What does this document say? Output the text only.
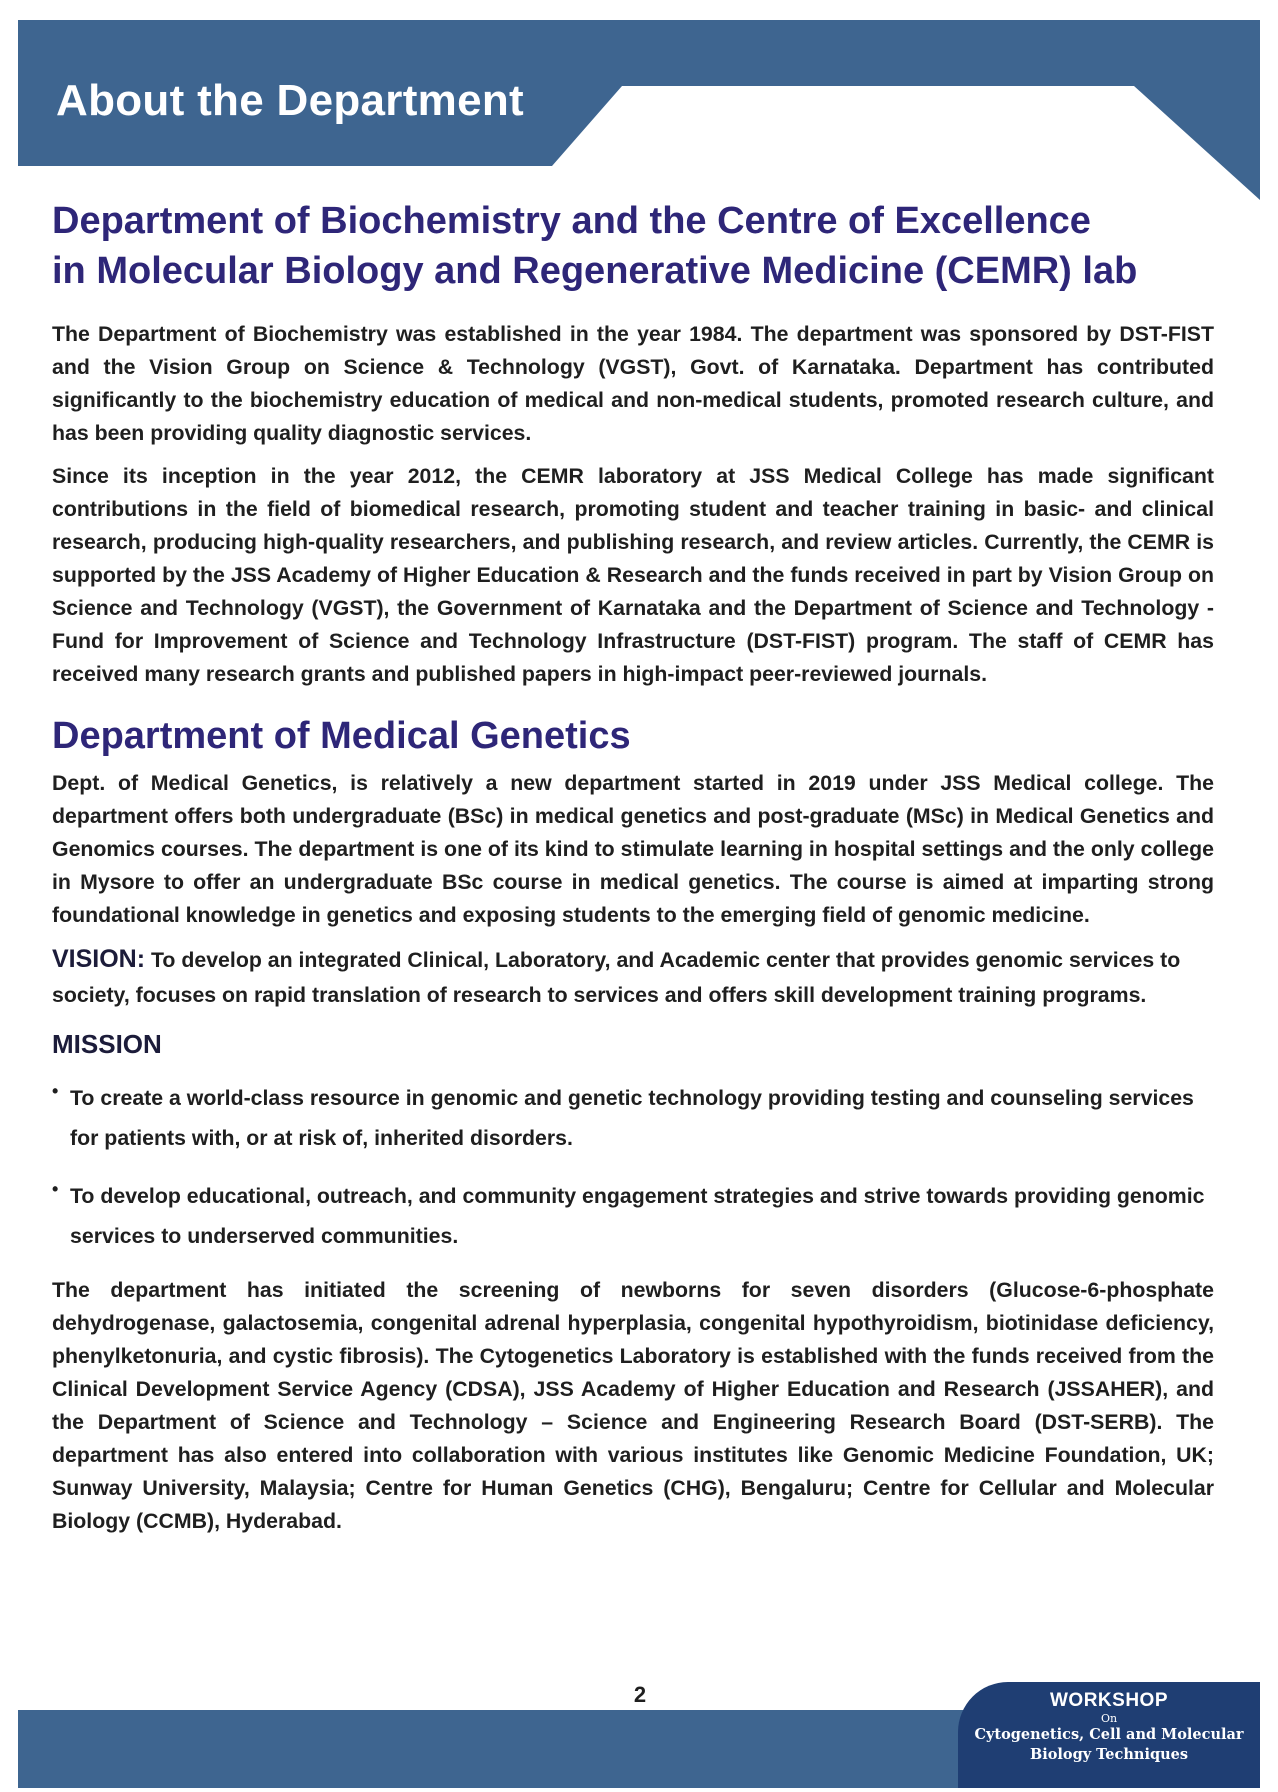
About the Department
Department of Biochemistry and the Centre of Excellence
in Molecular Biology and Regenerative Medicine (CEMR) lab

The Department of Biochemistry was established in the year 1984. The department was sponsored by DST-FIST and the Vision Group on Science & Technology (VGST), Govt. of Karnataka. Department has contributed significantly to the biochemistry education of medical and non-medical students, promoted research culture, and has been providing quality diagnostic services.

Since its inception in the year 2012, the CEMR laboratory at JSS Medical College has made significant contributions in the field of biomedical research, promoting student and teacher training in basic- and clinical research, producing high-quality researchers, and publishing research, and review articles. Currently, the CEMR is supported by the JSS Academy of Higher Education & Research and the funds received in part by Vision Group on Science and Technology (VGST), the Government of Karnataka and the Department of Science and Technology - Fund for Improvement of Science and Technology Infrastructure (DST-FIST) program. The staff of CEMR has received many research grants and published papers in high-impact peer-reviewed journals.

Department of Medical Genetics

Dept. of Medical Genetics, is relatively a new department started in 2019 under JSS Medical college. The department offers both undergraduate (BSc) in medical genetics and post-graduate (MSc) in Medical Genetics and Genomics courses. The department is one of its kind to stimulate learning in hospital settings and the only college in Mysore to offer an undergraduate BSc course in medical genetics. The course is aimed at imparting strong foundational knowledge in genetics and exposing students to the emerging field of genomic medicine.

VISION: To develop an integrated Clinical, Laboratory, and Academic center that provides genomic services to society, focuses on rapid translation of research to services and offers skill development training programs.

MISSION

• To create a world-class resource in genomic and genetic technology providing testing and counseling services for patients with, or at risk of, inherited disorders.

• To develop educational, outreach, and community engagement strategies and strive towards providing genomic services to underserved communities.

The department has initiated the screening of newborns for seven disorders (Glucose-6-phosphate dehydrogenase, galactosemia, congenital adrenal hyperplasia, congenital hypothyroidism, biotinidase deficiency, phenylketonuria, and cystic fibrosis). The Cytogenetics Laboratory is established with the funds received from the Clinical Development Service Agency (CDSA), JSS Academy of Higher Education and Research (JSSAHER), and the Department of Science and Technology – Science and Engineering Research Board (DST-SERB). The department has also entered into collaboration with various institutes like Genomic Medicine Foundation, UK; Sunway University, Malaysia; Centre for Human Genetics (CHG), Bengaluru; Centre for Cellular and Molecular Biology (CCMB), Hyderabad.

2	WORKSHOP
On
Cytogenetics, Cell and Molecular
Biology Techniques
